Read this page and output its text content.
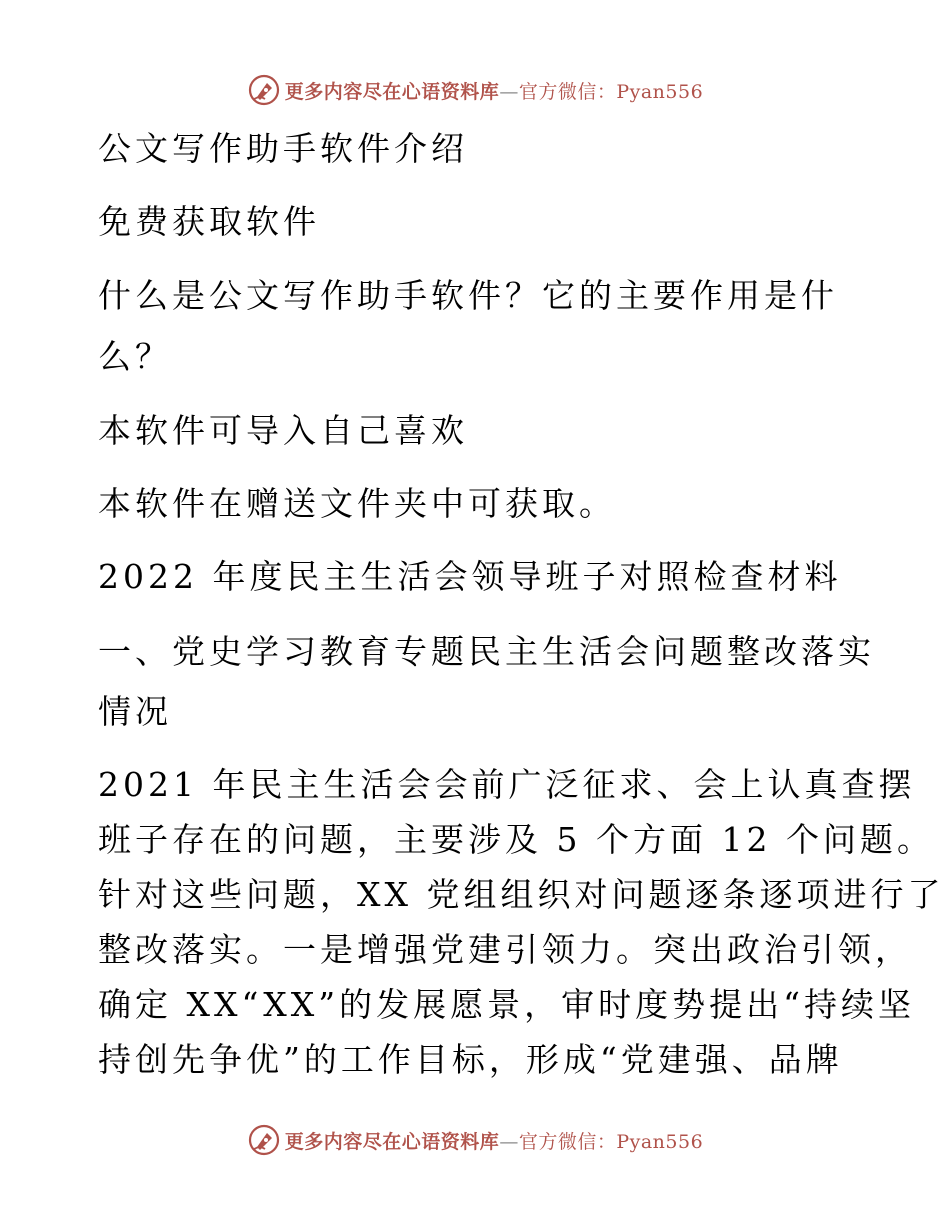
更多内容尽在心语资料库—官方微信：Pyan556

公文写作助手软件介绍

免费获取软件

什么是公文写作助手软件？它的主要作用是什

么？

本软件可导入自己喜欢

本软件在赠送文件夹中可获取。

2022 年度民主生活会领导班子对照检查材料

一、党史学习教育专题民主生活会问题整改落实

情况

2021 年民主生活会会前广泛征求、会上认真查摆

班子存在的问题，主要涉及 5 个方面 12 个问题。

针对这些问题，XX 党组组织对问题逐条逐项进行了

整改落实。一是增强党建引领力。突出政治引领，

确定 XX“XX”的发展愿景，审时度势提出“持续坚

持创先争优”的工作目标，形成“党建强、品牌

更多内容尽在心语资料库—官方微信：Pyan556
